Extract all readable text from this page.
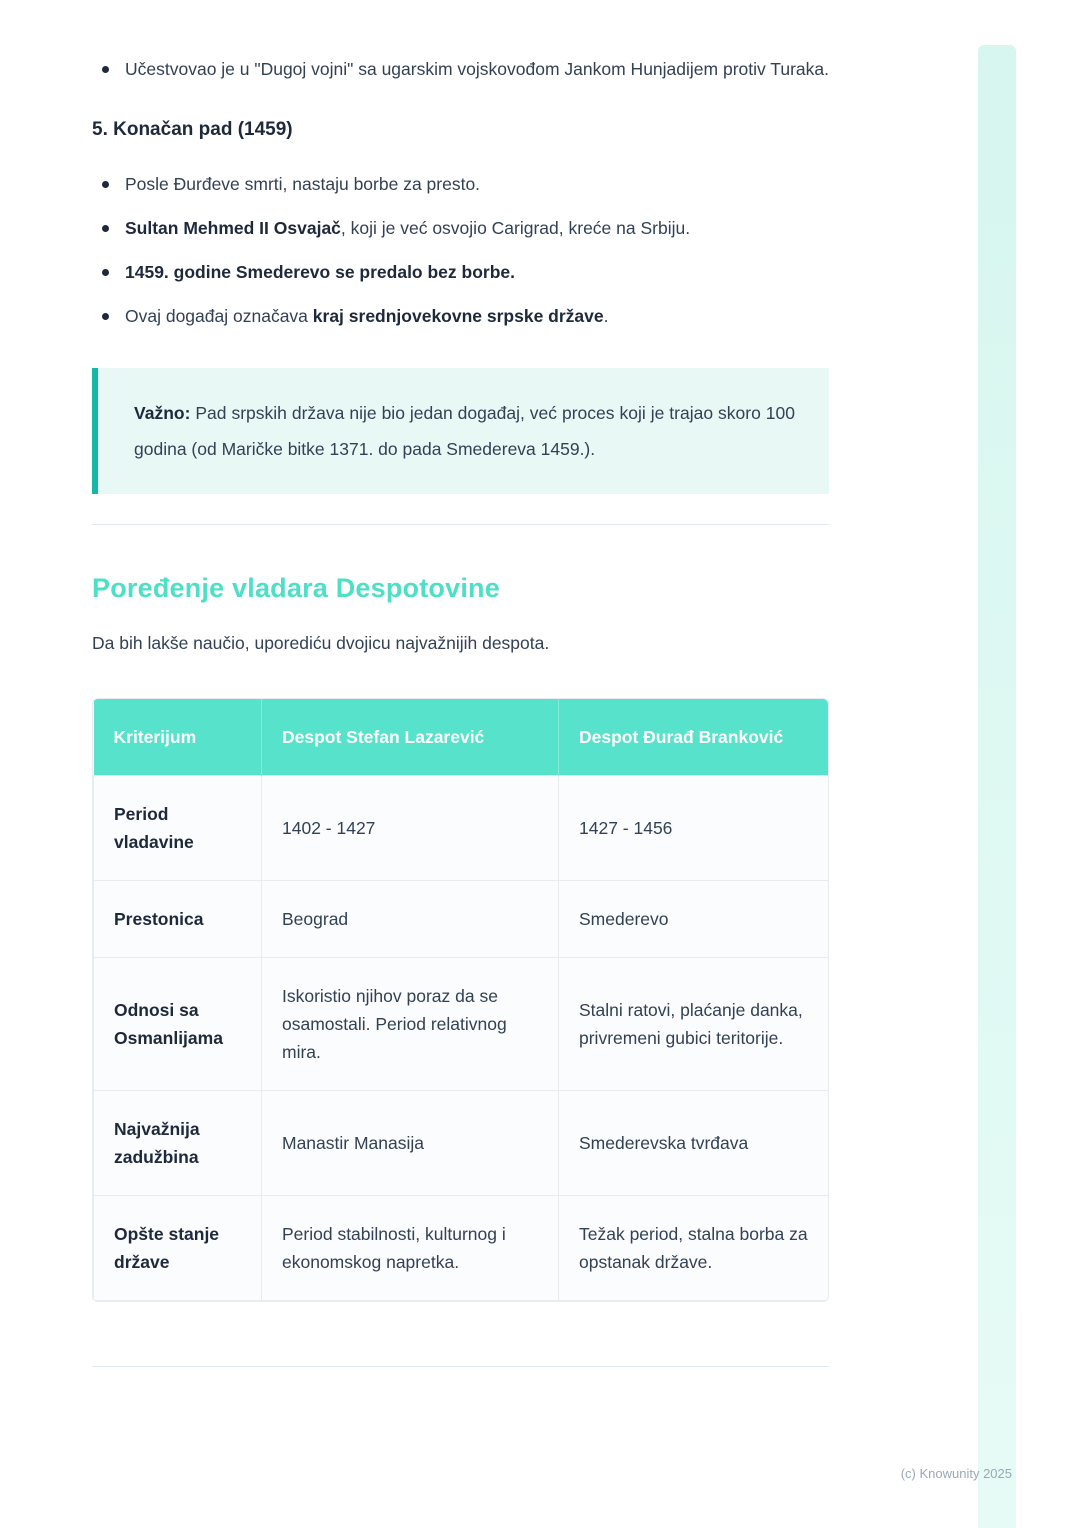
Učestvovao je u "Dugoj vojni" sa ugarskim vojskovođom Jankom Hunjadijem protiv Turaka.
5. Konačan pad (1459)
Posle Đurđeve smrti, nastaju borbe za presto.
Sultan Mehmed II Osvajač, koji je već osvojio Carigrad, kreće na Srbiju.
1459. godine Smederevo se predalo bez borbe.
Ovaj događaj označava kraj srednjovekovne srpske države.

Važno: Pad srpskih država nije bio jedan događaj, već proces koji je trajao skoro 100 godina (od Maričke bitke 1371. do pada Smedereva 1459.).

Poređenje vladara Despotovine

Da bih lakše naučio, uporediću dvojicu najvažnijih despota.

Kriterijum	Despot Stefan Lazarević	Despot Đurađ Branković
Period vladavine	1402 - 1427	1427 - 1456
Prestonica	Beograd	Smederevo
Odnosi sa Osmanlijama	Iskoristio njihov poraz da se osamostali. Period relativnog mira.	Stalni ratovi, plaćanje danka, privremeni gubici teritorije.
Najvažnija zadužbina	Manastir Manasija	Smederevska tvrđava
Opšte stanje države	Period stabilnosti, kulturnog i ekonomskog napretka.	Težak period, stalna borba za opstanak države.
(c) Knowunity 2025
